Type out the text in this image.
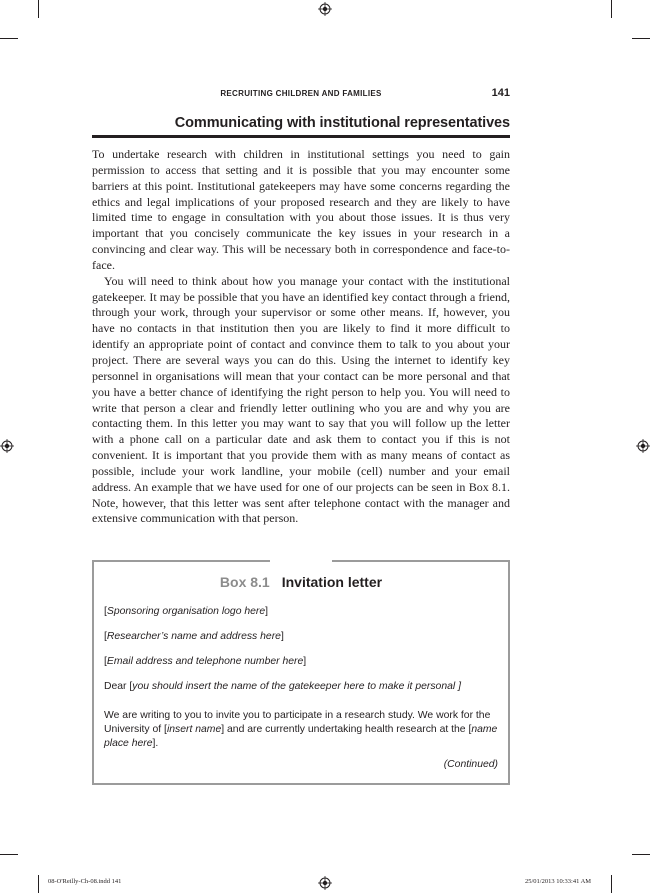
RECRUITING CHILDREN AND FAMILIES	141
Communicating with institutional representatives

To undertake research with children in institutional settings you need to gain permission to access that setting and it is possible that you may encounter some barriers at this point. Institutional gatekeepers may have some concerns regarding the ethics and legal implications of your proposed research and they are likely to have limited time to engage in consultation with you about those issues. It is thus very important that you concisely communicate the key issues in your research in a convincing and clear way. This will be necessary both in correspondence and face-to-face.

You will need to think about how you manage your contact with the institutional gatekeeper. It may be possible that you have an identified key contact through a friend, through your work, through your supervisor or some other means. If, however, you have no contacts in that institution then you are likely to find it more difficult to identify an appropriate point of contact and convince them to talk to you about your project. There are several ways you can do this. Using the internet to identify key personnel in organisations will mean that your contact can be more personal and that you have a better chance of identifying the right person to help you. You will need to write that person a clear and friendly letter outlining who you are and why you are contacting them. In this letter you may want to say that you will follow up the letter with a phone call on a particular date and ask them to contact you if this is not convenient. It is important that you provide them with as many means of contact as possible, include your work landline, your mobile (cell) number and your email address. An example that we have used for one of our projects can be seen in Box 8.1. Note, however, that this letter was sent after telephone contact with the manager and extensive communication with that person.

Box 8.1 Invitation letter
[Sponsoring organisation logo here]
[Researcher’s name and address here]
[Email address and telephone number here]
Dear [you should insert the name of the gatekeeper here to make it personal ]
We are writing to you to invite you to participate in a research study. We work for the University of [insert name] and are currently undertaking health research at the [name place here].
(Continued)
08-O'Reilly-Ch-08.indd 141	25/01/2013 10:33:41 AM
